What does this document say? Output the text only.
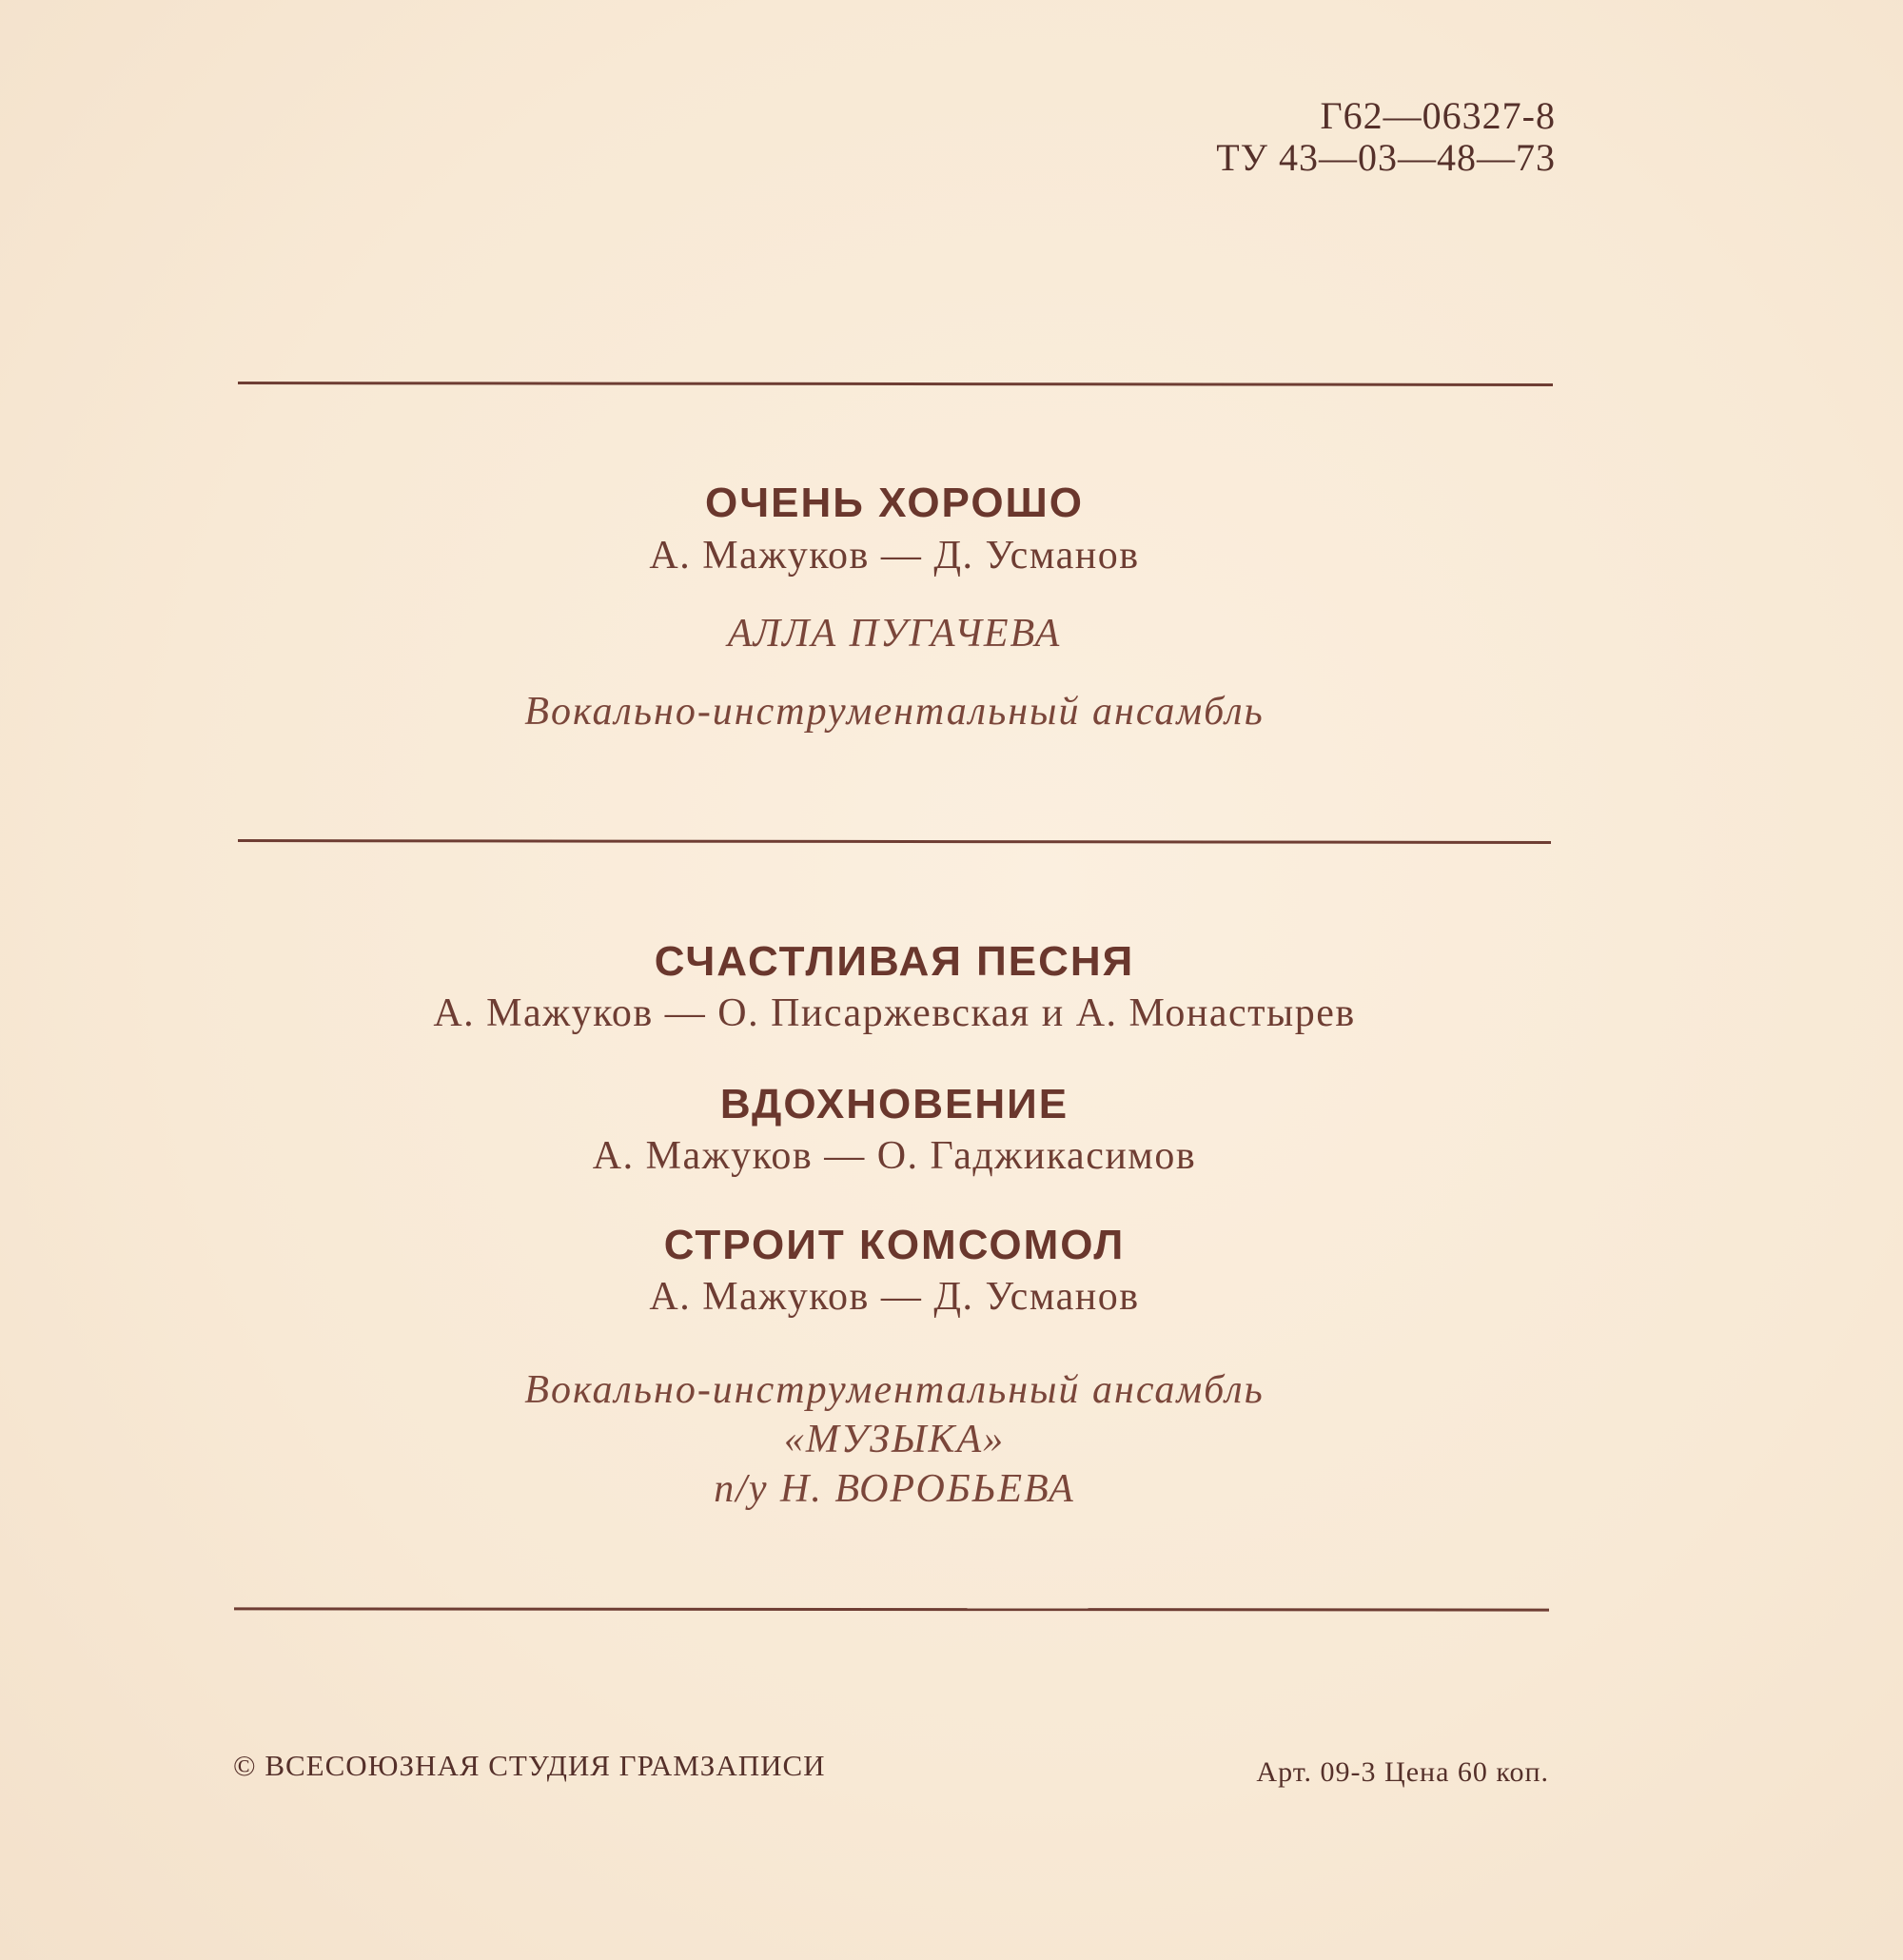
Г62—06327-8
ТУ 43—03—48—73
ОЧЕНЬ ХОРОШО
А. Мажуков — Д. Усманов
АЛЛА ПУГАЧЕВА
Вокально-инструментальный ансамбль
СЧАСТЛИВАЯ ПЕСНЯ
А. Мажуков — О. Писаржевская и А. Монастырев
ВДОХНОВЕНИЕ
А. Мажуков — О. Гаджикасимов
СТРОИТ КОМСОМОЛ
А. Мажуков — Д. Усманов
Вокально-инструментальный ансамбль
«МУЗЫКА»
п/у Н. ВОРОБЬЕВА
© ВСЕСОЮЗНАЯ СТУДИЯ ГРАМЗАПИСИ	Арт. 09-3 Цена 60 коп.
